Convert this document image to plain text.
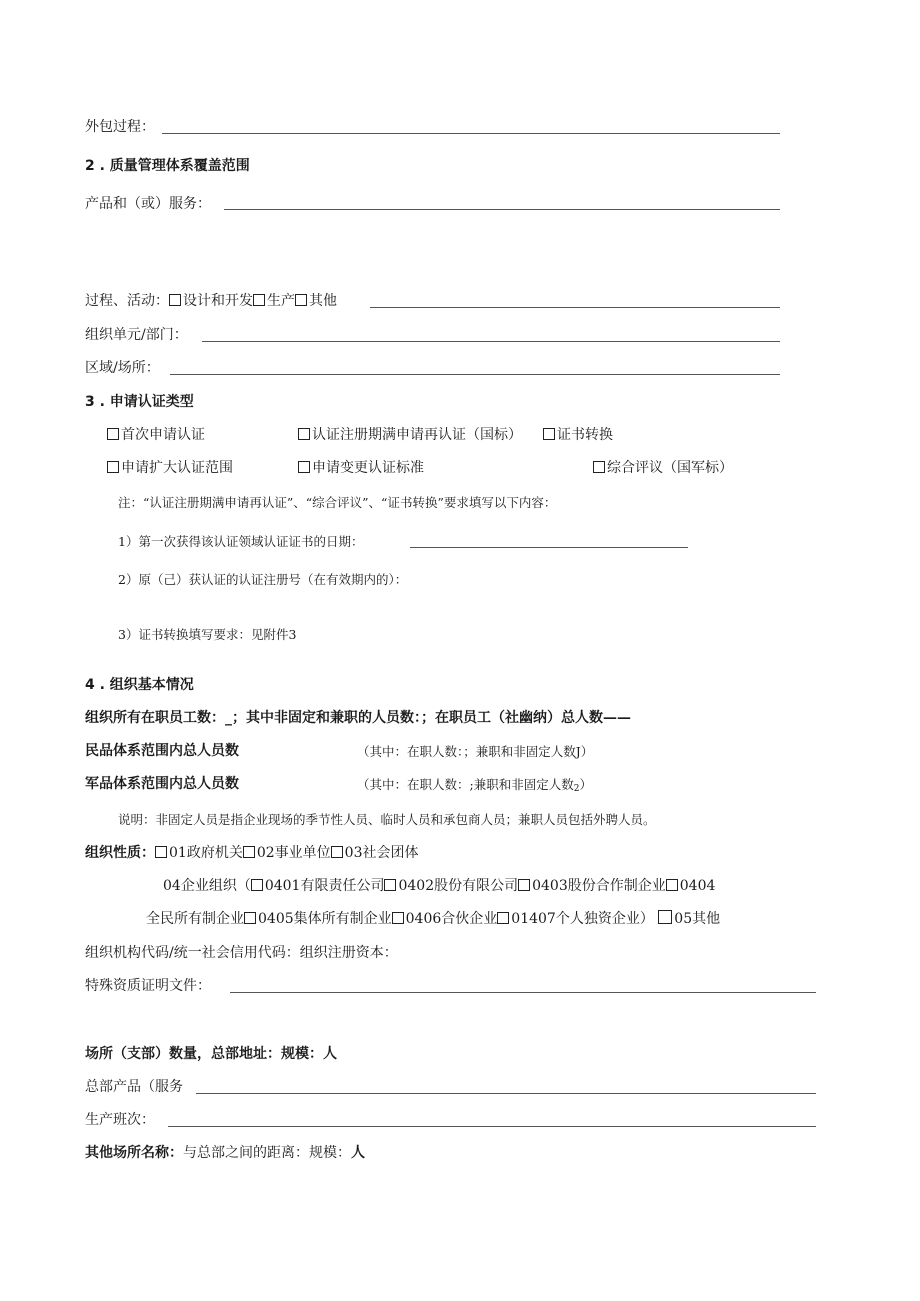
外包过程：
2 . 质量管理体系覆盖范围
产品和（或）服务：
过程、活动： 设计和开发 生产 其他
组织单元/部门：
区域/场所：
3 . 申请认证类型
首次申请认证	认证注册期满申请再认证（国标）	证书转换
申请扩大认证范围	申请变更认证标准	综合评议（国军标）
注：“认证注册期满申请再认证”、“综合评议”、“证书转换”要求填写以下内容：
1）第一次获得该认证领域认证证书的日期：
2）原（己）获认证的认证注册号（在有效期内的）：
3）证书转换填写要求：见附件3
4 . 组织基本情况
组织所有在职员工数：_；其中非固定和兼职的人员数：；在职员工（社幽纳）总人数——
民品体系范围内总人员数	（其中：在职人数：；兼职和非固定人数J）
军品体系范围内总人员数	（其中：在职人数：;兼职和非固定人数$_2$）
说明：非固定人员是指企业现场的季节性人员、临时人员和承包商人员；兼职人员包括外聘人员。
组织性质： 01政府机关 02事业单位 03社会团体
04企业组织（ 0401有限责任公司 0402股份有限公司 0403股份合作制企业 0404
全民所有制企业 0405集体所有制企业 0406合伙企业 01407个人独资企业） 05其他
组织机构代码/统一社会信用代码：组织注册资本：
特殊资质证明文件：
场所（支部）数量，总部地址：规模：人
总部产品（服务
生产班次：
其他场所名称：与总部之间的距离：规模：人
